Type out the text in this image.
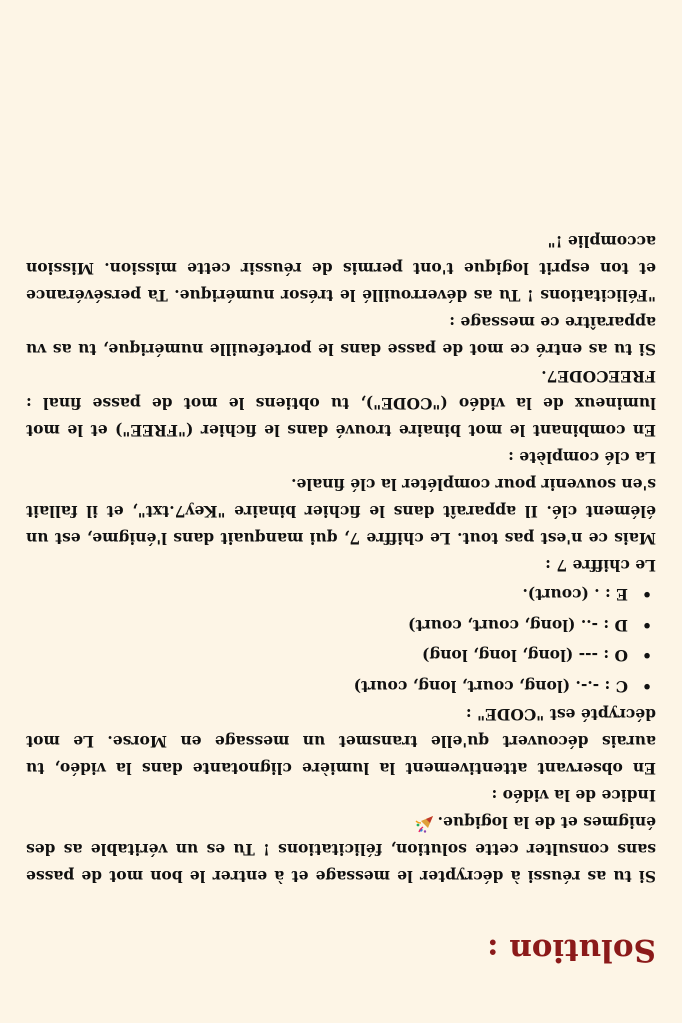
Solution :

Si tu as réussi à décrypter le message et à entrer le bon mot de passe sans consulter cette solution, félicitations ! Tu es un véritable as des énigmes et de la logique.

Indice de la vidéo :

En observant attentivement la lumière clignotante dans la vidéo, tu aurais découvert qu'elle transmet un message en Morse. Le mot décrypté est "CODE" :

•
C : -.-. (long, court, long, court)
•
O : --- (long, long, long)
•
D : -.. (long, court, court)
•
E : . (court).

Le chiffre 7 :

Mais ce n'est pas tout. Le chiffre 7, qui manquait dans l'énigme, est un élément clé. Il apparaît dans le fichier binaire "Key7.txt", et il fallait s'en souvenir pour compléter la clé finale.

La clé complète :

En combinant le mot binaire trouvé dans le fichier ("FREE") et le mot lumineux de la vidéo ("CODE"), tu obtiens le mot de passe final : FREECODE7.

Si tu as entré ce mot de passe dans le portefeuille numérique, tu as vu apparaître ce message :

"Félicitations ! Tu as déverrouillé le trésor numérique. Ta persévérance et ton esprit logique t'ont permis de réussir cette mission. Mission accomplie !"
